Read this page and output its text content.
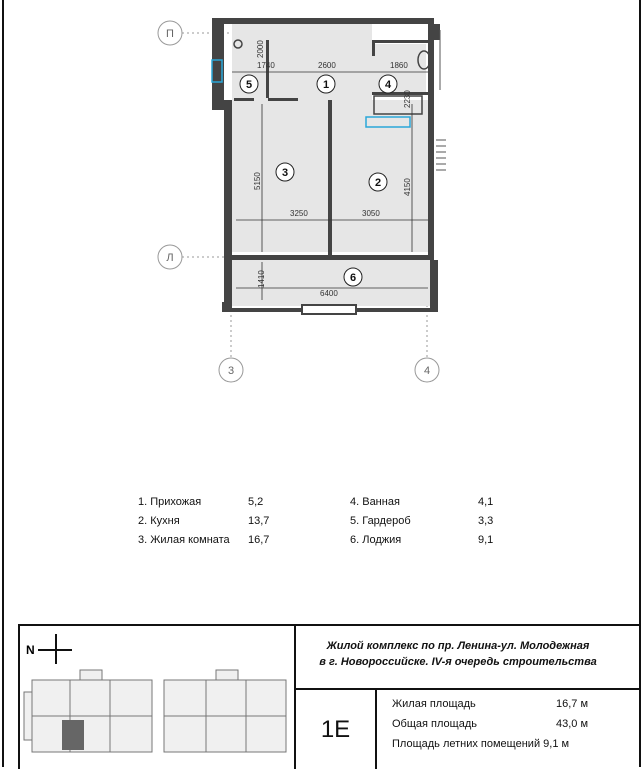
П
Л
3	4
1740	2600	1860
3250	3050
6400
2000
2230
5150	4150
1410
5	1	4
3
2
6
1. Прихожая	5,2	4. Ванная	4,1
2. Кухня	13,7	5. Гардероб	3,3
3. Жилая комната 16,7	6. Лоджия	9,1
N	Жилой комплекс по пр. Ленина-ул. Молодежная
в г. Новороссийске. IV-я очередь строительства
1Е
Жилая площадь	16,7 м
Общая площадь	43,0 м
Площадь летних помещений 9,1 м
